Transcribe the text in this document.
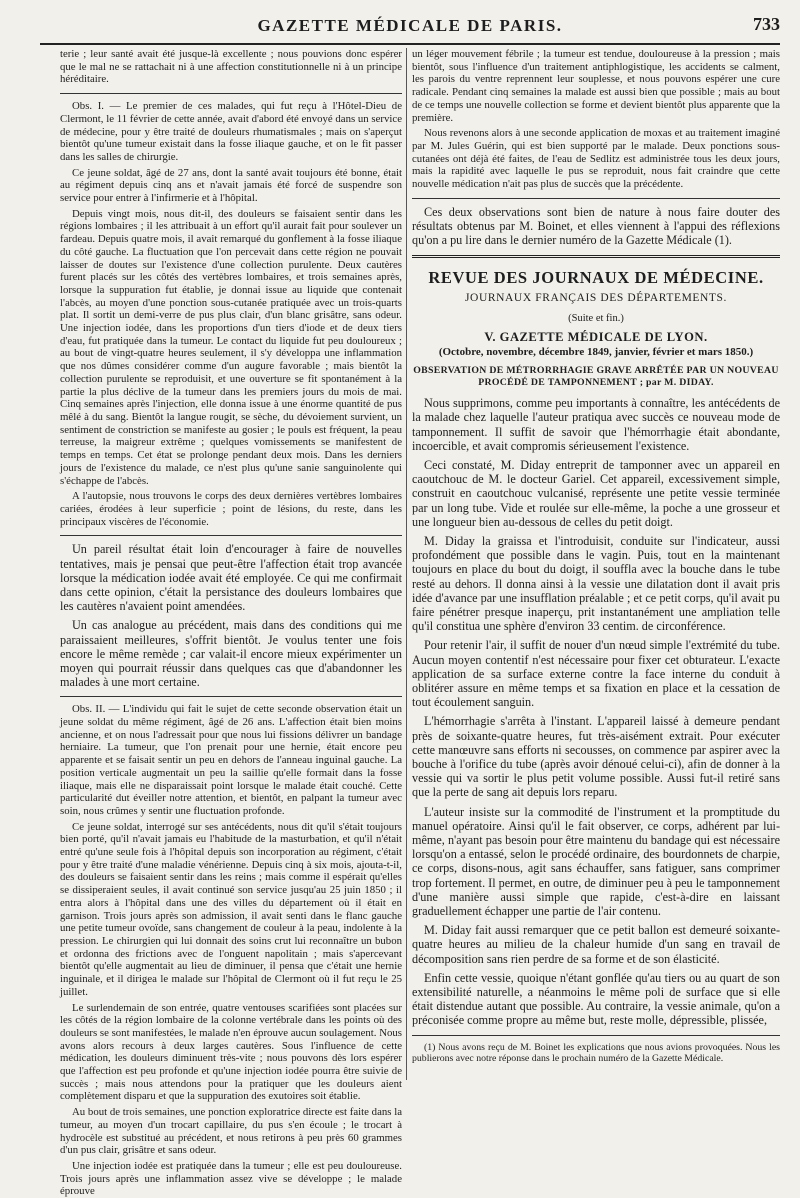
GAZETTE MÉDICALE DE PARIS.	733

terie ; leur santé avait été jusque-là excellente ; nous pouvions donc espérer que le mal ne se rattachait ni à une affection constitutionnelle ni à un principe héréditaire.

Obs. I. — Le premier de ces malades, qui fut reçu à l'Hôtel-Dieu de Clermont, le 11 février de cette année, avait d'abord été envoyé dans un service de médecine, pour y être traité de douleurs rhumatismales ; mais on s'aperçut bientôt qu'une tumeur existait dans la fosse iliaque gauche, et on le fit passer dans les salles de chirurgie.

Ce jeune soldat, âgé de 27 ans, dont la santé avait toujours été bonne, était au régiment depuis cinq ans et n'avait jamais été forcé de suspendre son service pour entrer à l'infirmerie et à l'hôpital.

Depuis vingt mois, nous dit-il, des douleurs se faisaient sentir dans les régions lombaires ; il les attribuait à un effort qu'il aurait fait pour soulever un fardeau. Depuis quatre mois, il avait remarqué du gonflement à la fosse iliaque du côté gauche. La fluctuation que l'on percevait dans cette région ne pouvait laisser de doutes sur l'existence d'une collection purulente. Deux cautères furent placés sur les côtés des vertèbres lombaires, et trois semaines après, lorsque la suppuration fut établie, je donnai issue au liquide que contenait l'abcès, au moyen d'une ponction sous-cutanée pratiquée avec un trois-quarts plat. Il sortit un demi-verre de pus plus clair, d'un blanc grisâtre, sans odeur. Une injection iodée, dans les proportions d'un tiers d'iode et de deux tiers d'eau, fut pratiquée dans la tumeur. Le contact du liquide fut peu douloureux ; au bout de vingt-quatre heures seulement, il s'y développa une inflammation que nos dûmes considérer comme d'un augure favorable ; mais bientôt la collection purulente se reproduisit, et une ouverture se fit spontanément à la partie la plus déclive de la tumeur dans les premiers jours du mois de mai. Cinq semaines après l'injection, elle donna issue à une énorme quantité de pus mêlé à du sang. Bientôt la langue rougit, se sèche, du dévoiement survient, un sentiment de constriction se manifeste au gosier ; le pouls est fréquent, la peau terreuse, la maigreur extrême ; quelques vomissements se manifestent de temps en temps. Cet état se prolonge pendant deux mois. Dans les derniers jours de l'existence du malade, ce n'est plus qu'une sanie sanguinolente qui s'échappe de l'abcès.

A l'autopsie, nous trouvons le corps des deux dernières vertèbres lombaires cariées, érodées à leur superficie ; point de lésions, du reste, dans les principaux viscères de l'économie.

Un pareil résultat était loin d'encourager à faire de nouvelles tentatives, mais je pensai que peut-être l'affection était trop avancée lorsque la médication iodée avait été employée. Ce qui me confirmait dans cette opinion, c'était la persistance des douleurs lombaires que les cautères n'avaient point amendées.

Un cas analogue au précédent, mais dans des conditions qui me paraissaient meilleures, s'offrit bientôt. Je voulus tenter une fois encore le même remède ; car valait-il encore mieux expérimenter un moyen qui pourrait réussir dans quelques cas que d'abandonner les malades à une mort certaine.

Obs. II. — L'individu qui fait le sujet de cette seconde observation était un jeune soldat du même régiment, âgé de 26 ans. L'affection était bien moins ancienne, et on nous l'adressait pour que nous lui fissions délivrer un bandage herniaire. La tumeur, que l'on prenait pour une hernie, était encore peu apparente et se faisait sentir un peu en dehors de l'anneau inguinal gauche. La position verticale augmentait un peu la saillie qu'elle formait dans la fosse iliaque, mais elle ne disparaissait point lorsque le malade était couché. Cette particularité dut éveiller notre attention, et bientôt, en palpant la tumeur avec soin, nous crûmes y sentir une fluctuation profonde.

Ce jeune soldat, interrogé sur ses antécédents, nous dit qu'il s'était toujours bien porté, qu'il n'avait jamais eu l'habitude de la masturbation, et qu'il n'était entré qu'une seule fois à l'hôpital depuis son incorporation au régiment, c'était pour y être traité d'une maladie vénérienne. Depuis cinq à six mois, ajouta-t-il, des douleurs se faisaient sentir dans les reins ; mais comme il espérait qu'elles se dissiperaient seules, il avait continué son service jusqu'au 25 juin 1850 ; il entra alors à l'hôpital dans une des villes du département où il était en garnison. Trois jours après son admission, il avait senti dans le flanc gauche une petite tumeur ovoïde, sans changement de couleur à la peau, indolente à la pression. Le chirurgien qui lui donnait des soins crut lui reconnaître un bubon et ordonna des frictions avec de l'onguent napolitain ; mais s'apercevant bientôt qu'elle augmentait au lieu de diminuer, il pensa que c'était une hernie inguinale, et il dirigea le malade sur l'hôpital de Clermont où il fut reçu le 25 juillet.

Le surlendemain de son entrée, quatre ventouses scarifiées sont placées sur les côtés de la région lombaire de la colonne vertébrale dans les points où des douleurs se sont manifestées, le malade n'en éprouve aucun soulagement. Nous avons alors recours à deux larges cautères. Sous l'influence de cette médication, les douleurs diminuent très-vite ; nous pouvons dès lors espérer que l'affection est peu profonde et qu'une injection iodée pourra être suivie de succès ; mais nous attendons pour la pratiquer que les douleurs aient complètement disparu et que la suppuration des exutoires soit établie.

Au bout de trois semaines, une ponction exploratrice directe est faite dans la tumeur, au moyen d'un trocart capillaire, du pus s'en écoule ; le trocart à hydrocèle est substitué au précédent, et nous retirons à peu près 60 grammes d'un pus clair, grisâtre et sans odeur.

Une injection iodée est pratiquée dans la tumeur ; elle est peu douloureuse. Trois jours après une inflammation assez vive se développe ; le malade éprouve

un léger mouvement fébrile ; la tumeur est tendue, douloureuse à la pression ; mais bientôt, sous l'influence d'un traitement antiphlogistique, les accidents se calment, les parois du ventre reprennent leur souplesse, et nous pouvons espérer une cure radicale. Pendant cinq semaines la malade est aussi bien que possible ; mais au bout de ce temps une nouvelle collection se forme et devient bientôt plus apparente que la première.

Nous revenons alors à une seconde application de moxas et au traitement imaginé par M. Jules Guérin, qui est bien supporté par le malade. Deux ponctions sous-cutanées ont déjà été faites, de l'eau de Sedlitz est administrée tous les deux jours, mais la rapidité avec laquelle le pus se reproduit, nous fait craindre que cette nouvelle médication n'ait pas plus de succès que la précédente.

Ces deux observations sont bien de nature à nous faire douter des résultats obtenus par M. Boinet, et elles viennent à l'appui des réflexions qu'on a pu lire dans le dernier numéro de la Gazette Médicale (1).

REVUE DES JOURNAUX DE MÉDECINE.
JOURNAUX FRANÇAIS DES DÉPARTEMENTS.
(Suite et fin.)
V. GAZETTE MÉDICALE DE LYON.
(Octobre, novembre, décembre 1849, janvier, février et mars 1850.)
OBSERVATION DE MÉTRORRHAGIE GRAVE ARRÊTÉE PAR UN NOUVEAU PROCÉDÉ DE TAMPONNEMENT ; par M. DIDAY.

Nous supprimons, comme peu importants à connaître, les antécédents de la malade chez laquelle l'auteur pratiqua avec succès ce nouveau mode de tamponnement. Il suffit de savoir que l'hémorrhagie était abondante, incoercible, et avait compromis sérieusement l'existence.

Ceci constaté, M. Diday entreprit de tamponner avec un appareil en caoutchouc de M. le docteur Gariel. Cet appareil, excessivement simple, construit en caoutchouc vulcanisé, représente une petite vessie terminée par un long tube. Vide et roulée sur elle-même, la poche a une grosseur et une longueur bien au-dessous de celles du petit doigt.

M. Diday la graissa et l'introduisit, conduite sur l'indicateur, aussi profondément que possible dans le vagin. Puis, tout en la maintenant toujours en place du bout du doigt, il souffla avec la bouche dans le tube resté au dehors. Il donna ainsi à la vessie une dilatation dont il avait pris idée d'avance par une insufflation préalable ; et ce petit corps, qu'il avait pu faire pénétrer presque inaperçu, prit instantanément une ampliation telle qu'il constitua une sphère d'environ 33 centim. de circonférence.

Pour retenir l'air, il suffit de nouer d'un nœud simple l'extrémité du tube. Aucun moyen contentif n'est nécessaire pour fixer cet obturateur. L'exacte application de sa surface externe contre la face interne du conduit à oblitérer assure en même temps et sa fixation en place et la cessation de tout écoulement sanguin.

L'hémorrhagie s'arrêta à l'instant. L'appareil laissé à demeure pendant près de soixante-quatre heures, fut très-aisément extrait. Pour exécuter cette manœuvre sans efforts ni secousses, on commence par aspirer avec la bouche à l'orifice du tube (après avoir dénoué celui-ci), afin de donner à la vessie qui va sortir le plus petit volume possible. Aussi fut-il retiré sans que la perte de sang ait depuis lors reparu.

L'auteur insiste sur la commodité de l'instrument et la promptitude du manuel opératoire. Ainsi qu'il le fait observer, ce corps, adhérent par lui-même, n'ayant pas besoin pour être maintenu du bandage qui est nécessaire lorsqu'on a entassé, selon le procédé ordinaire, des bourdonnets de charpie, ce corps, disons-nous, agit sans échauffer, sans fatiguer, sans comprimer trop fortement. Il permet, en outre, de diminuer peu à peu le tamponnement d'une manière aussi simple que rapide, c'est-à-dire en laissant graduellement échapper une partie de l'air contenu.

M. Diday fait aussi remarquer que ce petit ballon est demeuré soixante-quatre heures au milieu de la chaleur humide d'un sang en travail de décomposition sans rien perdre de sa forme et de son élasticité.

Enfin cette vessie, quoique n'étant gonflée qu'au tiers ou au quart de son extensibilité naturelle, a néanmoins le même poli de surface que si elle était distendue autant que possible. Au contraire, la vessie animale, qu'on a préconisée comme propre au même but, reste molle, dépressible, plissée,

(1) Nous avons reçu de M. Boinet les explications que nous avions provoquées. Nous les publierons avec notre réponse dans le prochain numéro de la Gazette Médicale.
